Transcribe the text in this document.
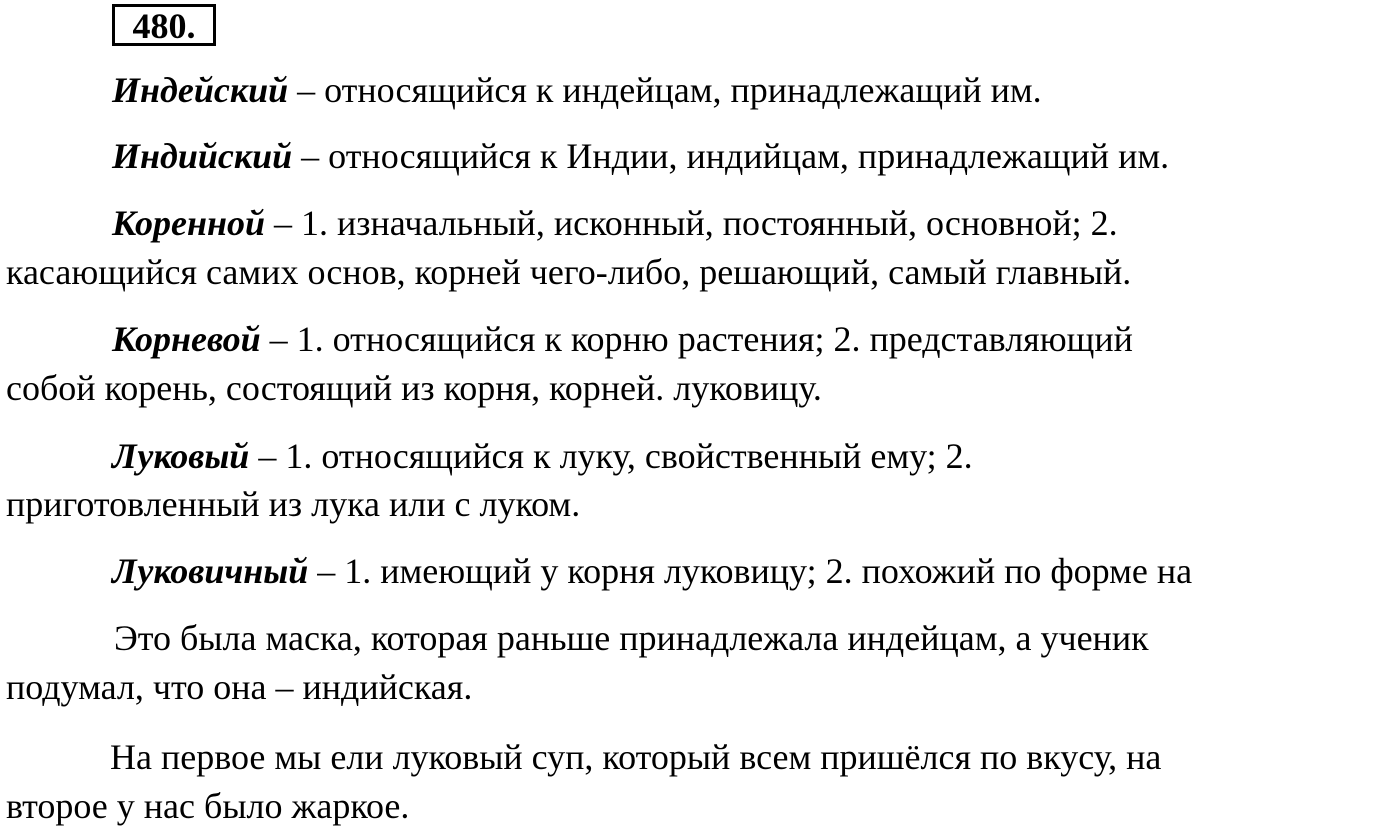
480.
Индейский – относящийся к индейцам, принадлежащий им.
Индийский – относящийся к Индии, индийцам, принадлежащий им.
Коренной – 1. изначальный, исконный, постоянный, основной; 2.
касающийся самих основ, корней чего-либо, решающий, самый главный.
Корневой – 1. относящийся к корню растения; 2. представляющий
собой корень, состоящий из корня, корней. луковицу.
Луковый – 1. относящийся к луку, свойственный ему; 2.
приготовленный из лука или с луком.
Луковичный – 1. имеющий у корня луковицу; 2. похожий по форме на
Это была маска, которая раньше принадлежала индейцам, а ученик
подумал, что она – индийская.
На первое мы ели луковый суп, который всем пришёлся по вкусу, на
второе у нас было жаркое.
